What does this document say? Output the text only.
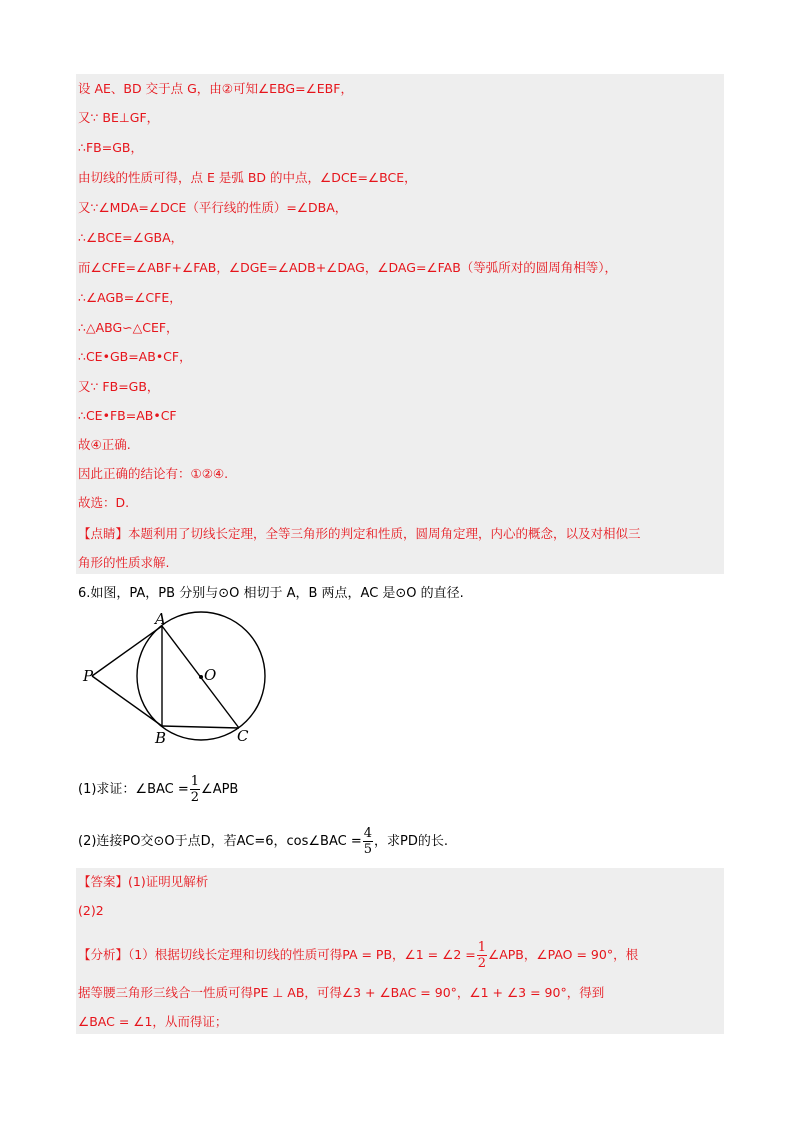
设 AE、BD 交于点 G，由②可知∠EBG=∠EBF，
又∵ BE⊥GF，
∴FB=GB，
由切线的性质可得，点 E 是弧 BD 的中点，∠DCE=∠BCE，
又∵∠MDA=∠DCE（平行线的性质）=∠DBA，
∴∠BCE=∠GBA，
而∠CFE=∠ABF+∠FAB，∠DGE=∠ADB+∠DAG，∠DAG=∠FAB（等弧所对的圆周角相等），
∴∠AGB=∠CFE，
∴△ABG∽△CEF，
∴CE•GB=AB•CF，
又∵ FB=GB，
∴CE•FB=AB•CF
故④正确.
因此正确的结论有：①②④.
故选：D.
【点睛】本题利用了切线长定理，全等三角形的判定和性质，圆周角定理，内心的概念，以及对相似三
角形的性质求解.
6.如图，PA，PB 分别与⊙O 相切于 A，B 两点，AC 是⊙O 的直径.
A
O
P
B	C
(1)求证：∠BAC = $\frac{1}{2}$ ∠APB
(2)连接PO交⊙O于点D，若AC=6，cos∠BAC = $\frac{4}{5}$ ，求PD的长.
【答案】(1)证明见解析
(2)2
【分析】（1）根据切线长定理和切线的性质可得PA = PB，∠1 = ∠2 = $\frac{1}{2}$ ∠APB，∠PAO = 90°，根
据等腰三角形三线合一性质可得PE ⊥ AB，可得∠3 + ∠BAC = 90°，∠1 + ∠3 = 90°，得到
∠BAC = ∠1，从而得证；
